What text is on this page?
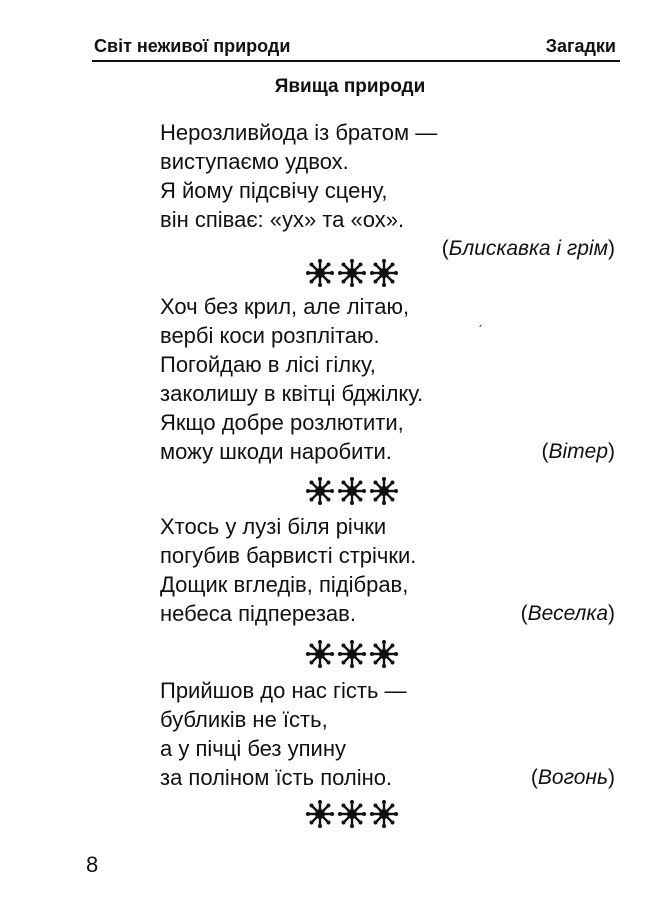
Світ неживої природи	Загадки
Явища природи
Нерозливйода із братом —
виступаємо удвох.
Я йому підсвічу сцену,
він співає: «ух» та «ох».
(Блискавка і грім)
Хоч без крил, але літаю,
вербі коси розплітаю.
Погойдаю в лісі гілку,
заколишу в квітці бджілку.
Якщо добре розлютити,
можу шкоди наробити.	(Вітер)
Хтось у лузі біля річки
погубив барвисті стрічки.
Дощик вгледів, підібрав,
небеса підперезав.	(Веселка)
Прийшов до нас гість —
бубликів не їсть,
а у пічці без упину
за поліном їсть поліно.	(Вогонь)
8
ˊ
